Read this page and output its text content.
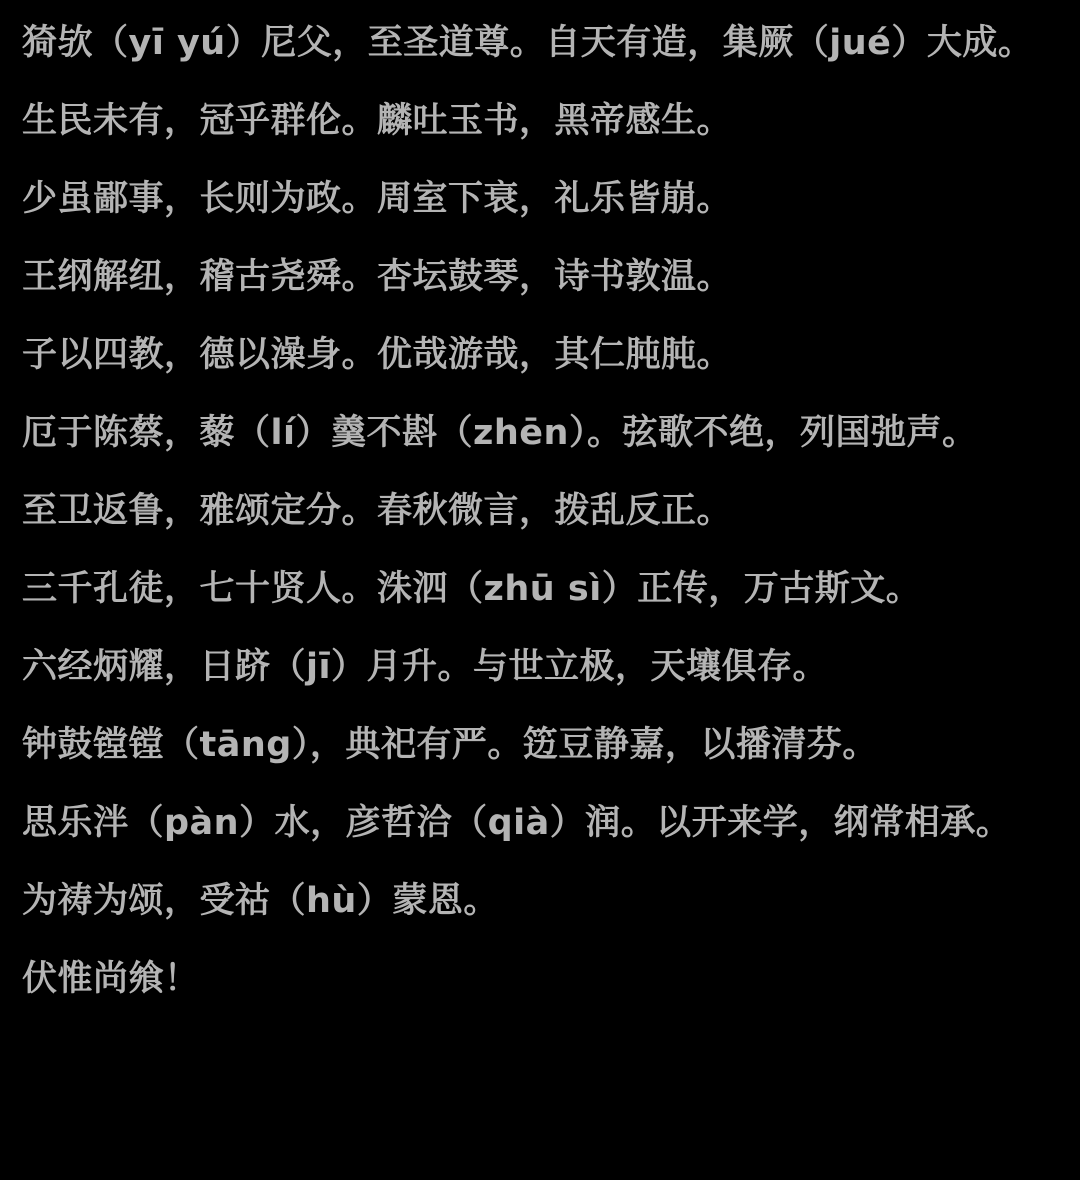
猗欤（yī yú）尼父，至圣道尊。自天有造，集厥（jué）大成。

生民未有，冠乎群伦。麟吐玉书，黑帝感生。

少虽鄙事，长则为政。周室下衰，礼乐皆崩。

王纲解纽，稽古尧舜。杏坛鼓琴，诗书敦温。

子以四教，德以澡身。优哉游哉，其仁肫肫。

厄于陈蔡，藜（lí）羹不斟（zhēn）。弦歌不绝，列国弛声。

至卫返鲁，雅颂定分。春秋微言，拨乱反正。

三千孔徒，七十贤人。洙泗（zhū sì）正传，万古斯文。

六经炳耀，日跻（jī）月升。与世立极，天壤俱存。

钟鼓镗镗（tāng），典祀有严。笾豆静嘉，以播清芬。

思乐泮（pàn）水，彦哲洽（qià）润。以开来学，纲常相承。

为祷为颂，受祜（hù）蒙恩。

伏惟尚飨！
